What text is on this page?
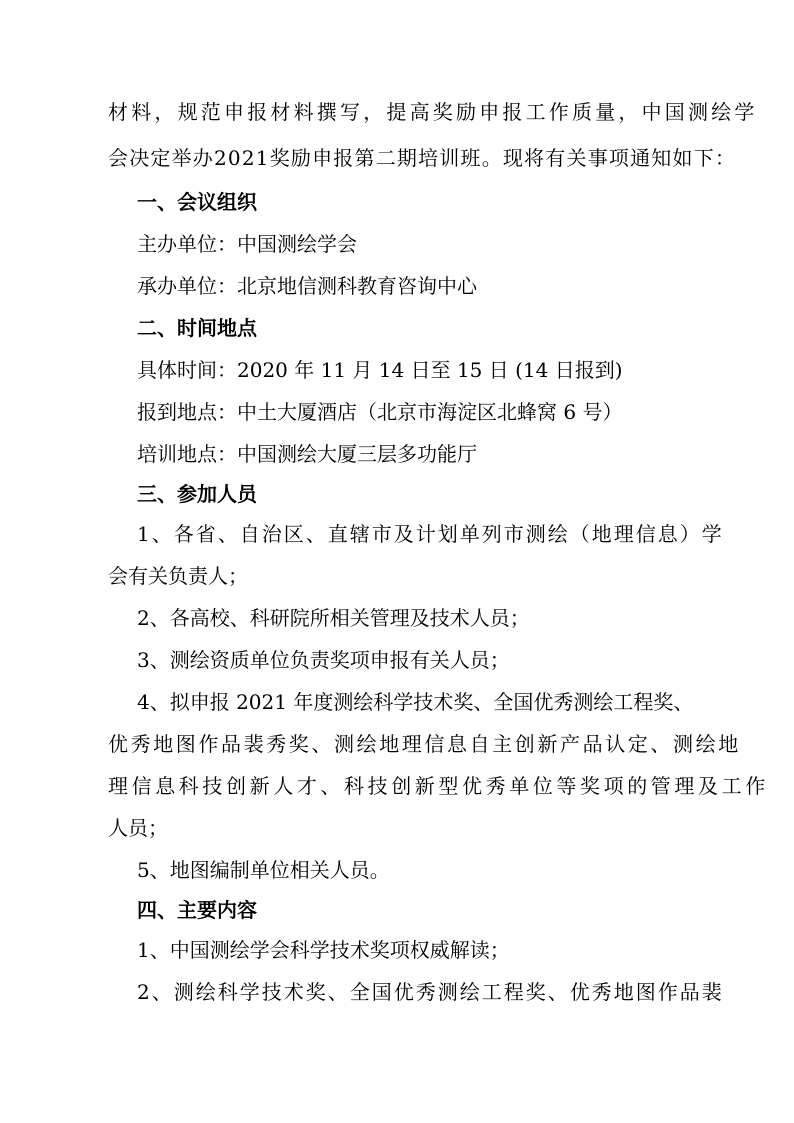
材料，规范申报材料撰写，提高奖励申报工作质量，中国测绘学
会决定举办2021奖励申报第二期培训班。现将有关事项通知如下：
一、会议组织
主办单位：中国测绘学会
承办单位：北京地信测科教育咨询中心
二、时间地点
具体时间：2020 年 11 月 14 日至 15 日 (14 日报到)
报到地点：中土大厦酒店（北京市海淀区北蜂窝 6 号）
培训地点：中国测绘大厦三层多功能厅
三、参加人员
1、各省、自治区、直辖市及计划单列市测绘（地理信息）学
会有关负责人；
2、各高校、科研院所相关管理及技术人员；
3、测绘资质单位负责奖项申报有关人员；
4、拟申报 2021 年度测绘科学技术奖、全国优秀测绘工程奖、
优秀地图作品裴秀奖、测绘地理信息自主创新产品认定、测绘地
理信息科技创新人才、科技创新型优秀单位等奖项的管理及工作
人员；
5、地图编制单位相关人员。
四、主要内容
1、中国测绘学会科学技术奖项权威解读；
2、测绘科学技术奖、全国优秀测绘工程奖、优秀地图作品裴
